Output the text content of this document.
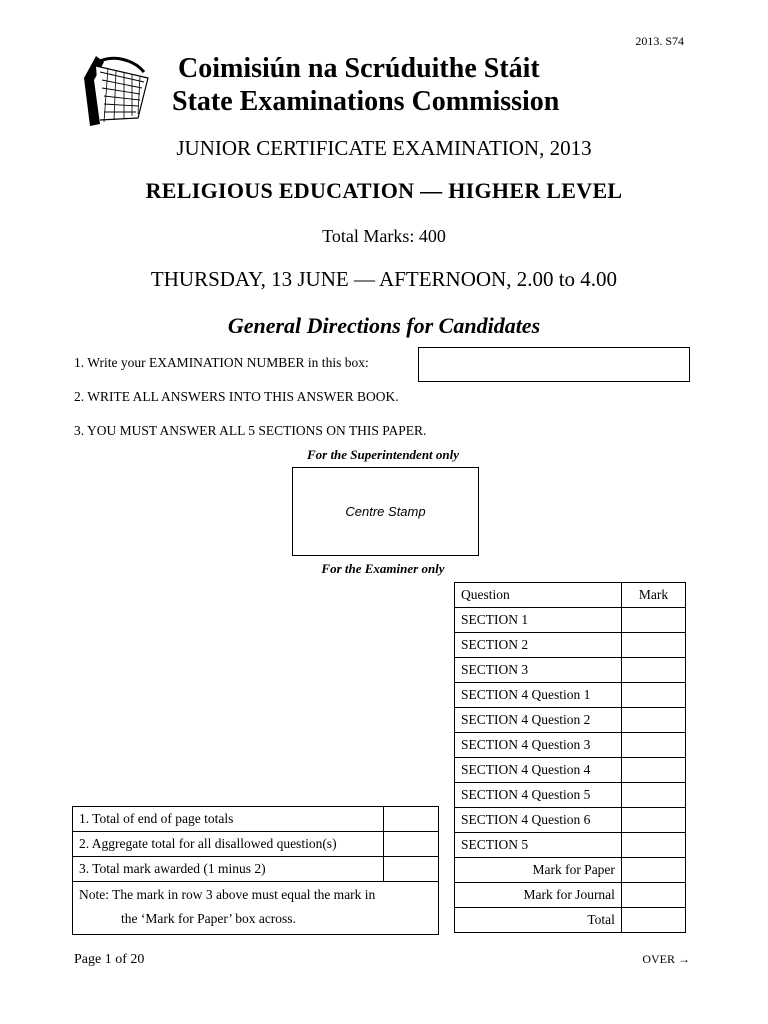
2013. S74
Coimisiún na Scrúduithe Stáit
State Examinations Commission
JUNIOR CERTIFICATE EXAMINATION, 2013
RELIGIOUS EDUCATION — HIGHER LEVEL
Total Marks: 400
THURSDAY, 13 JUNE — AFTERNOON, 2.00 to 4.00
General Directions for Candidates
1. Write your EXAMINATION NUMBER in this box:
2. WRITE ALL ANSWERS INTO THIS ANSWER BOOK.
3. YOU MUST ANSWER ALL 5 SECTIONS ON THIS PAPER.
For the Superintendent only
Centre Stamp
For the Examiner only
Question	Mark
SECTION 1	
SECTION 2	
SECTION 3	
SECTION 4 Question 1	
SECTION 4 Question 2	
SECTION 4 Question 3	
SECTION 4 Question 4	
SECTION 4 Question 5	
SECTION 4 Question 6	
SECTION 5	
Mark for Paper	
Mark for Journal	
Total	
1. Total of end of page totals	
2. Aggregate total for all disallowed question(s)	
3. Total mark awarded (1 minus 2)	

Note: The mark in row 3 above must equal the mark in
the ‘Mark for Paper’ box across.	
Page 1 of 20	OVER →
